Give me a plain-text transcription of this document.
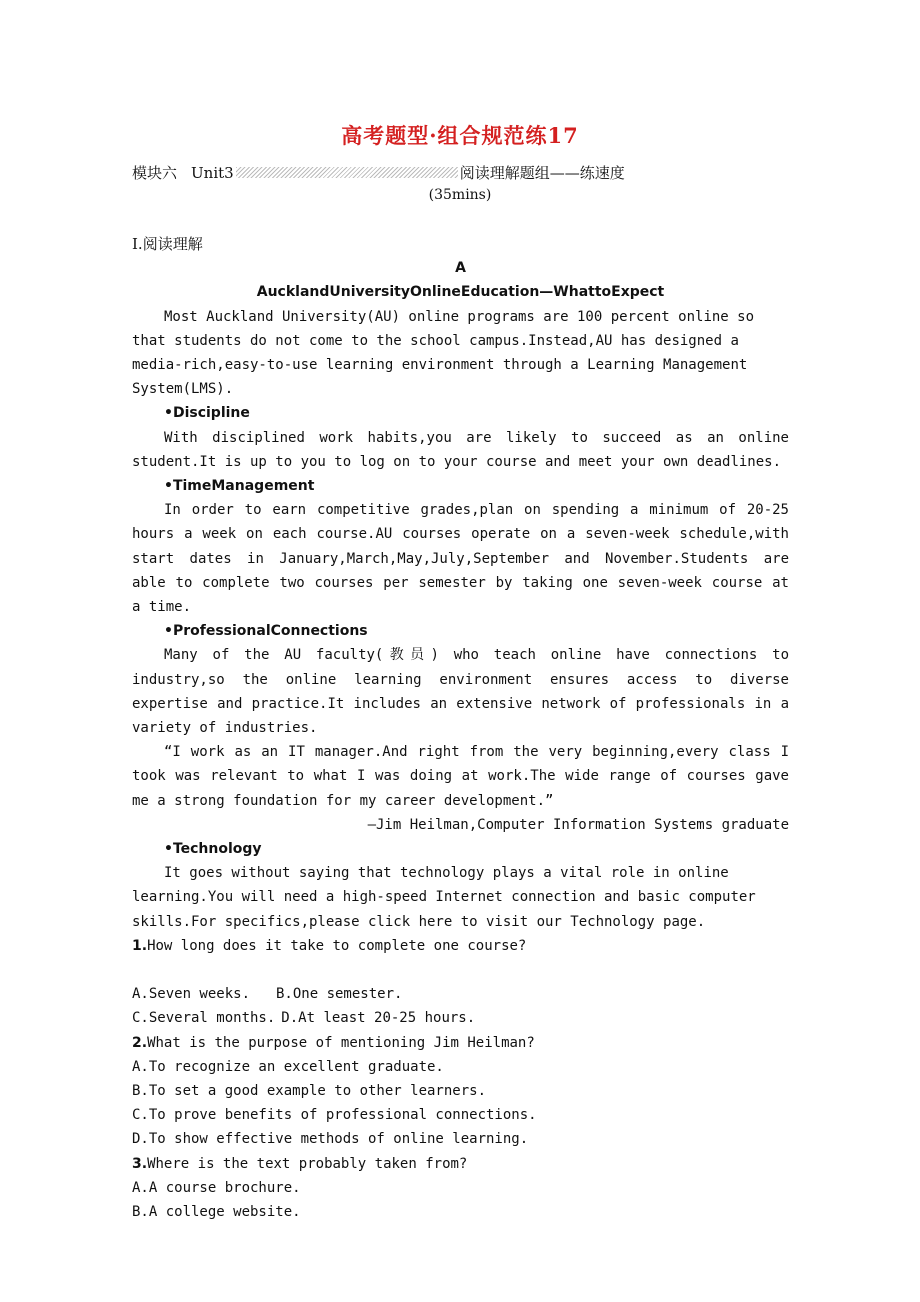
高考题型·组合规范练17
模块六 Unit3	阅读理解题组——练速度
(35mins)

Ⅰ.阅读理解

A

AucklandUniversityOnlineEducation—WhattoExpect

Most Auckland University(AU) online programs are 100 percent online so that students do not come to the school campus.Instead,AU has designed a media-rich,easy-to-use learning environment through a Learning Management System(LMS).

•Discipline

With disciplined work habits,you are likely to succeed as an online student.It is up to you to log on to your course and meet your own deadlines.

•TimeManagement

In order to earn competitive grades,plan on spending a minimum of 20-25 hours a week on each course.AU courses operate on a seven-week schedule,with start dates in January,March,May,July,September and November.Students are able to complete two courses per semester by taking one seven-week course at a time.

•ProfessionalConnections

Many of the AU faculty(教员) who teach online have connections to industry,so the online learning environment ensures access to diverse expertise and practice.It includes an extensive network of professionals in a variety of industries.

“I work as an IT manager.And right from the very beginning,every class I took was relevant to what I was doing at work.The wide range of courses gave me a strong foundation for my career development.”

—Jim Heilman,Computer Information Systems graduate

•Technology

It goes without saying that technology plays a vital role in online learning.You will need a high-speed Internet connection and basic computer skills.For specifics,please click here to visit our Technology page.

1.How long does it take to complete one course?

A.Seven weeks.	B.One semester.
C.Several months. D.At least 20-25 hours.

2.What is the purpose of mentioning Jim Heilman?

A.To recognize an excellent graduate.

B.To set a good example to other learners.

C.To prove benefits of professional connections.

D.To show effective methods of online learning.

3.Where is the text probably taken from?

A.A course brochure.

B.A college website.
